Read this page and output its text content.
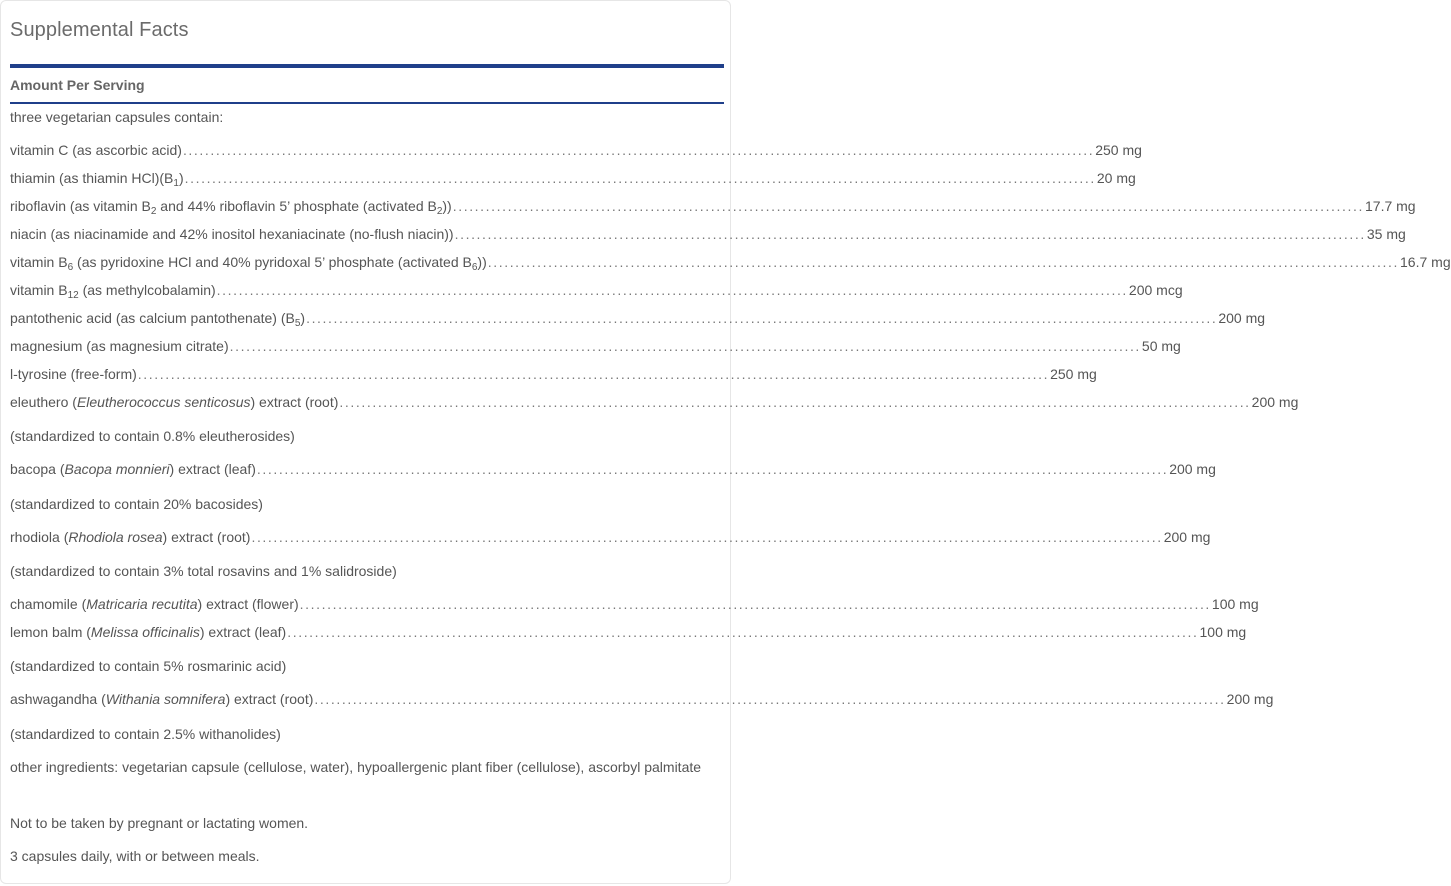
Supplemental Facts
Amount Per Serving
three vegetarian capsules contain:
vitamin C (as ascorbic acid) ...................................................................................................................................................................... 250 mg
thiamin (as thiamin $HCl)(B_1)$ ...................................................................................................................................................................... 20 mg
riboflavin (as vitamin $B_2$ and 44% riboflavin 5’ phosphate (activated $B_2$)) ...................................................................................................................................................................... 17.7 mg
niacin (as niacinamide and 42% inositol hexaniacinate (no-flush niacin)) ...................................................................................................................................................................... 35 mg
vitamin $B_6$ (as pyridoxine HCl and 40% pyridoxal 5’ phosphate (activated $B_6$)) ...................................................................................................................................................................... 16.7 mg
vitamin $B_{12}$ (as methylcobalamin) ...................................................................................................................................................................... 200 mcg
pantothenic acid (as calcium pantothenate) $(B_5)$ ...................................................................................................................................................................... 200 mg
magnesium (as magnesium citrate) ...................................................................................................................................................................... 50 mg
l-tyrosine (free-form) ...................................................................................................................................................................... 250 mg
eleuthero (Eleutherococcus senticosus) extract (root) ...................................................................................................................................................................... 200 mg
(standardized to contain 0.8% eleutherosides)
bacopa (Bacopa monnieri) extract (leaf) ...................................................................................................................................................................... 200 mg
(standardized to contain 20% bacosides)
rhodiola (Rhodiola rosea) extract (root) ...................................................................................................................................................................... 200 mg
(standardized to contain 3% total rosavins and 1% salidroside)
chamomile (Matricaria recutita) extract (flower) ...................................................................................................................................................................... 100 mg
lemon balm (Melissa officinalis) extract (leaf) ...................................................................................................................................................................... 100 mg
(standardized to contain 5% rosmarinic acid)
ashwagandha (Withania somnifera) extract (root) ...................................................................................................................................................................... 200 mg
(standardized to contain 2.5% withanolides)
other ingredients: vegetarian capsule (cellulose, water), hypoallergenic plant fiber (cellulose), ascorbyl palmitate
Not to be taken by pregnant or lactating women.
3 capsules daily, with or between meals.
